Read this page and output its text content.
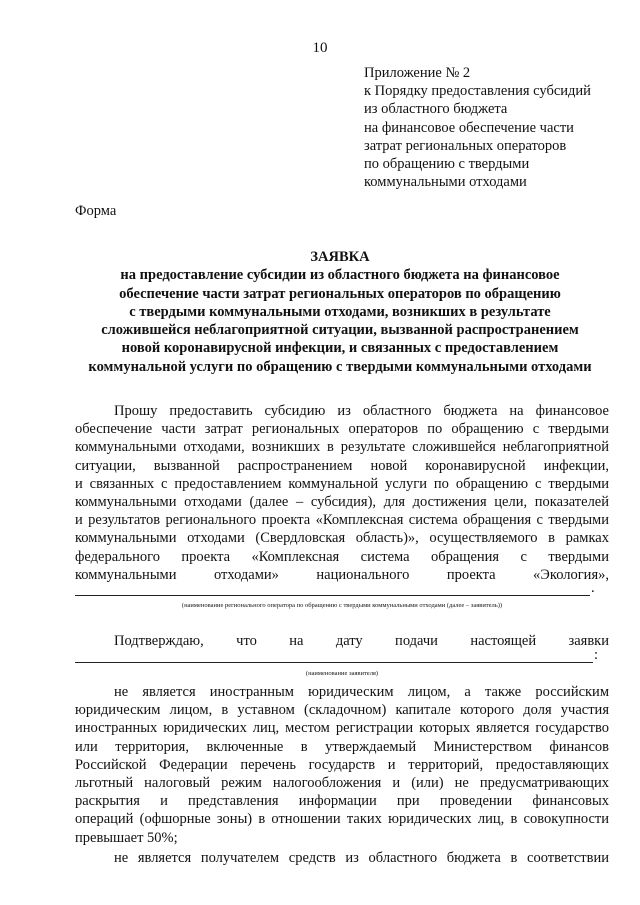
10
Приложение № 2
к Порядку предоставления субсидий
из областного бюджета
на финансовое обеспечение части
затрат региональных операторов
по обращению с твердыми
коммунальными отходами
Форма
ЗАЯВКА
на предоставление субсидии из областного бюджета на финансовое
обеспечение части затрат региональных операторов по обращению
с твердыми коммунальными отходами, возникших в результате
сложившейся неблагоприятной ситуации, вызванной распространением
новой коронавирусной инфекции, и связанных с предоставлением
коммунальной услуги по обращению с твердыми коммунальными отходами
Прошу предоставить субсидию из областного бюджета на финансовое
обеспечение части затрат региональных операторов по обращению с твердыми
коммунальными отходами, возникших в результате сложившейся неблагоприятной
ситуации, вызванной распространением новой коронавирусной инфекции,
и связанных с предоставлением коммунальной услуги по обращению с твердыми
коммунальными отходами (далее – субсидия), для достижения цели, показателей
и результатов регионального проекта «Комплексная система обращения с твердыми
коммунальными отходами (Свердловская область)», осуществляемого в рамках
федерального проекта «Комплексная система обращения с твердыми
коммунальными отходами» национального проекта «Экология»,
.
(наименование регионального оператора по обращению с твердыми коммунальными отходами (далее – заявитель))
Подтверждаю, что на дату подачи настоящей заявки
:
(наименование заявителя)
не является иностранным юридическим лицом, а также российским
юридическим лицом, в уставном (складочном) капитале которого доля участия
иностранных юридических лиц, местом регистрации которых является государство
или территория, включенные в утверждаемый Министерством финансов
Российской Федерации перечень государств и территорий, предоставляющих
льготный налоговый режим налогообложения и (или) не предусматривающих
раскрытия и представления информации при проведении финансовых
операций (офшорные зоны) в отношении таких юридических лиц, в совокупности
превышает 50%;
не является получателем средств из областного бюджета в соответствии
